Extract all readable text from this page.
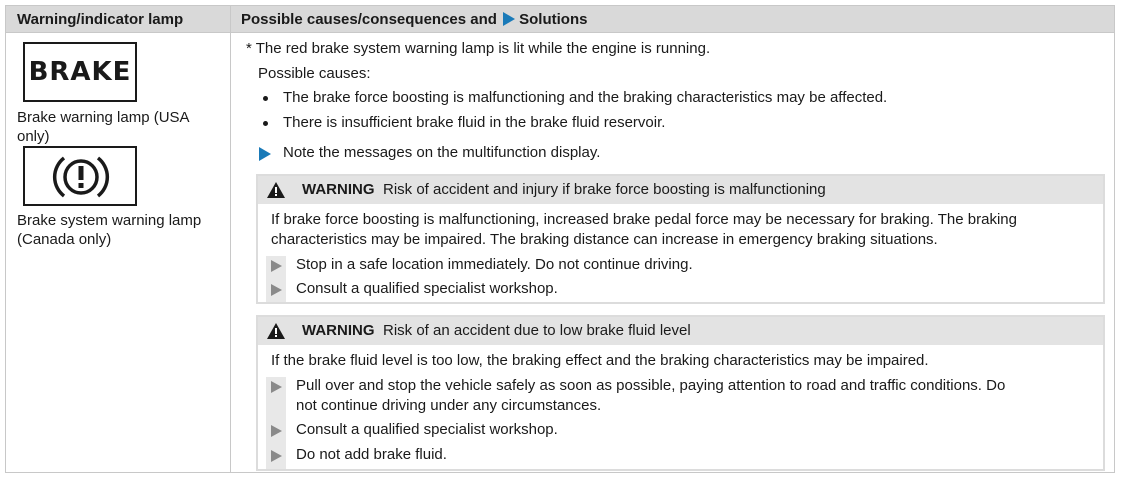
Warning/indicator lamp	Possible causes/consequences and Solutions
BRAKE
Brake warning lamp (USA only)
Brake system warning lamp (Canada only)
* The red brake system warning lamp is lit while the engine is running.
Possible causes:
The brake force boosting is malfunctioning and the braking characteristics may be affected.
There is insufficient brake fluid in the brake fluid reservoir.
Note the messages on the multifunction display.
WARNING Risk of accident and injury if brake force boosting is malfunctioning
If brake force boosting is malfunctioning, increased brake pedal force may be necessary for braking. The braking
characteristics may be impaired. The braking distance can increase in emergency braking situations.
Stop in a safe location immediately. Do not continue driving.
Consult a qualified specialist workshop.
WARNING Risk of an accident due to low brake fluid level
If the brake fluid level is too low, the braking effect and the braking characteristics may be impaired.
Pull over and stop the vehicle safely as soon as possible, paying attention to road and traffic conditions. Do
not continue driving under any circumstances.
Consult a qualified specialist workshop.
Do not add brake fluid.
